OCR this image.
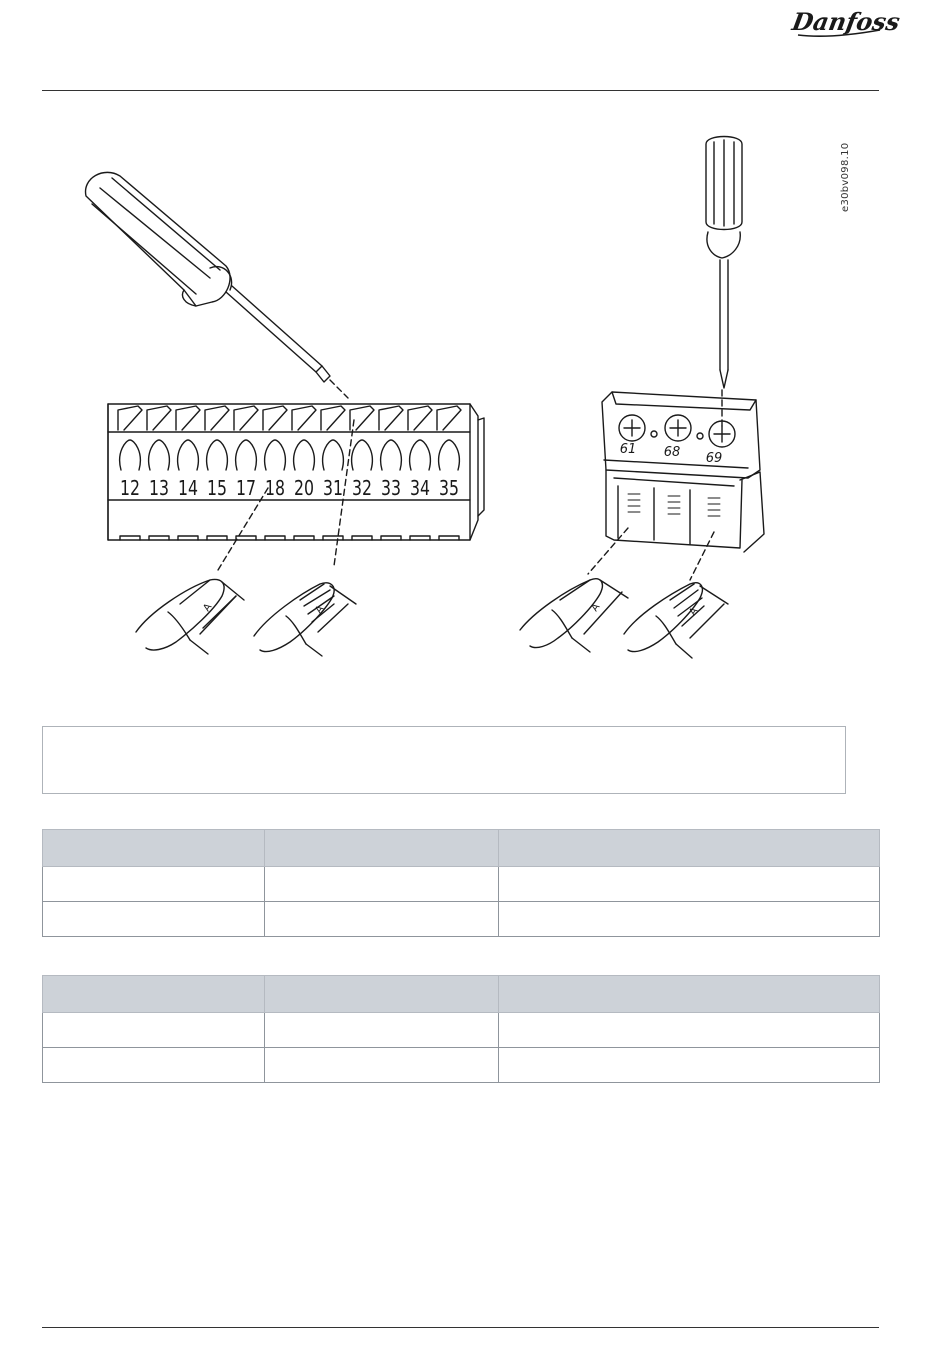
Danfoss
e30bv098.10
12 13 14 15 17 18 20 31 32 33 34 35
61 68 69
A	A	A	A
